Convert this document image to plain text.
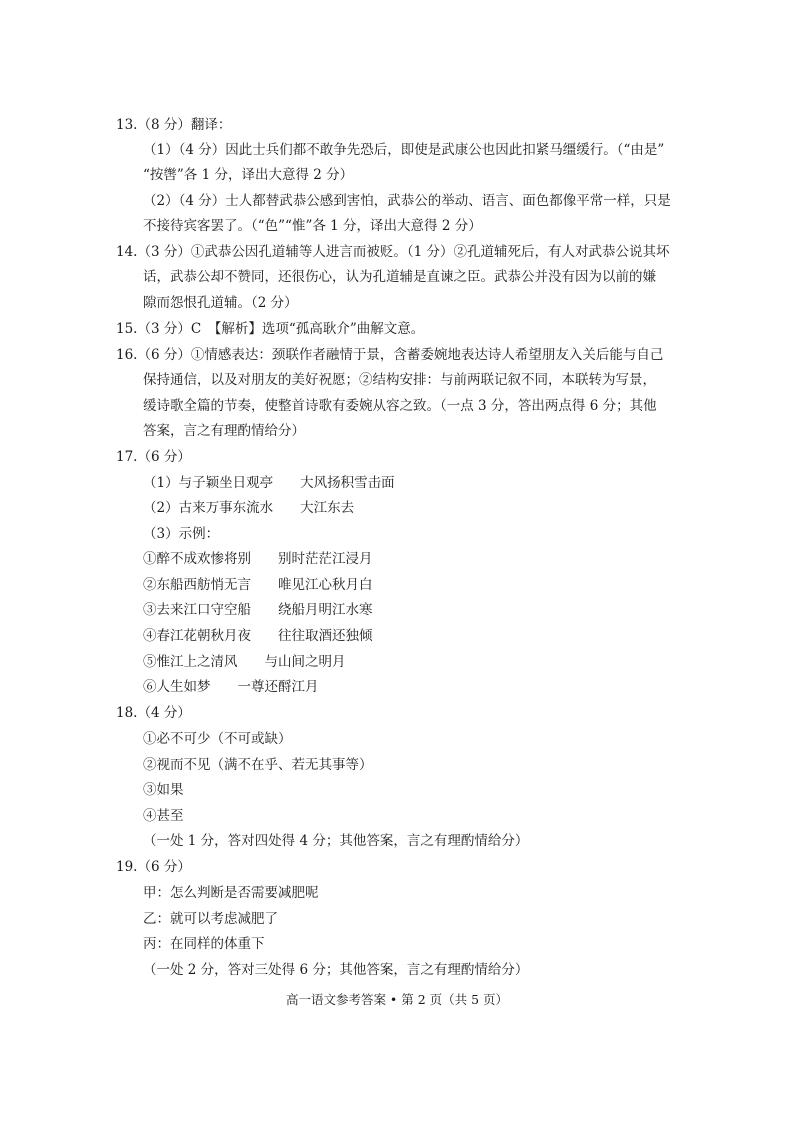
13.（8 分）翻译：
（1）（4 分）因此士兵们都不敢争先恐后，即使是武康公也因此扣紧马缰缓行。（“由是”
“按辔”各 1 分，译出大意得 2 分）
（2）（4 分）士人都替武恭公感到害怕，武恭公的举动、语言、面色都像平常一样，只是
不接待宾客罢了。（“色”“惟”各 1 分，译出大意得 2 分）
14.（3 分）①武恭公因孔道辅等人进言而被贬。（1 分）②孔道辅死后，有人对武恭公说其坏
话，武恭公却不赞同，还很伤心，认为孔道辅是直谏之臣。武恭公并没有因为以前的嫌
隙而怨恨孔道辅。（2 分）
15.（3 分）C　【解析】选项“孤高耿介”曲解文意。
16.（6 分）①情感表达：颈联作者融情于景，含蓄委婉地表达诗人希望朋友入关后能与自己
保持通信，以及对朋友的美好祝愿；②结构安排：与前两联记叙不同，本联转为写景，
缓诗歌全篇的节奏，使整首诗歌有委婉从容之致。（一点 3 分，答出两点得 6 分；其他
答案，言之有理酌情给分）
17.（6 分）
（1）与子颖坐日观亭　　大风扬积雪击面
（2）古来万事东流水　　大江东去
（3）示例：
①醉不成欢惨将别　　别时茫茫江浸月
②东船西舫悄无言　　唯见江心秋月白
③去来江口守空船　　绕船月明江水寒
④春江花朝秋月夜　　往往取酒还独倾
⑤惟江上之清风　　与山间之明月
⑥人生如梦　　一尊还酹江月
18.（4 分）
①必不可少（不可或缺）
②视而不见（满不在乎、若无其事等）
③如果
④甚至
（一处 1 分，答对四处得 4 分；其他答案，言之有理酌情给分）
19.（6 分）
甲：怎么判断是否需要减肥呢
乙：就可以考虑减肥了
丙：在同样的体重下
（一处 2 分，答对三处得 6 分；其他答案，言之有理酌情给分）
高一语文参考答案 • 第 2 页（共 5 页）
